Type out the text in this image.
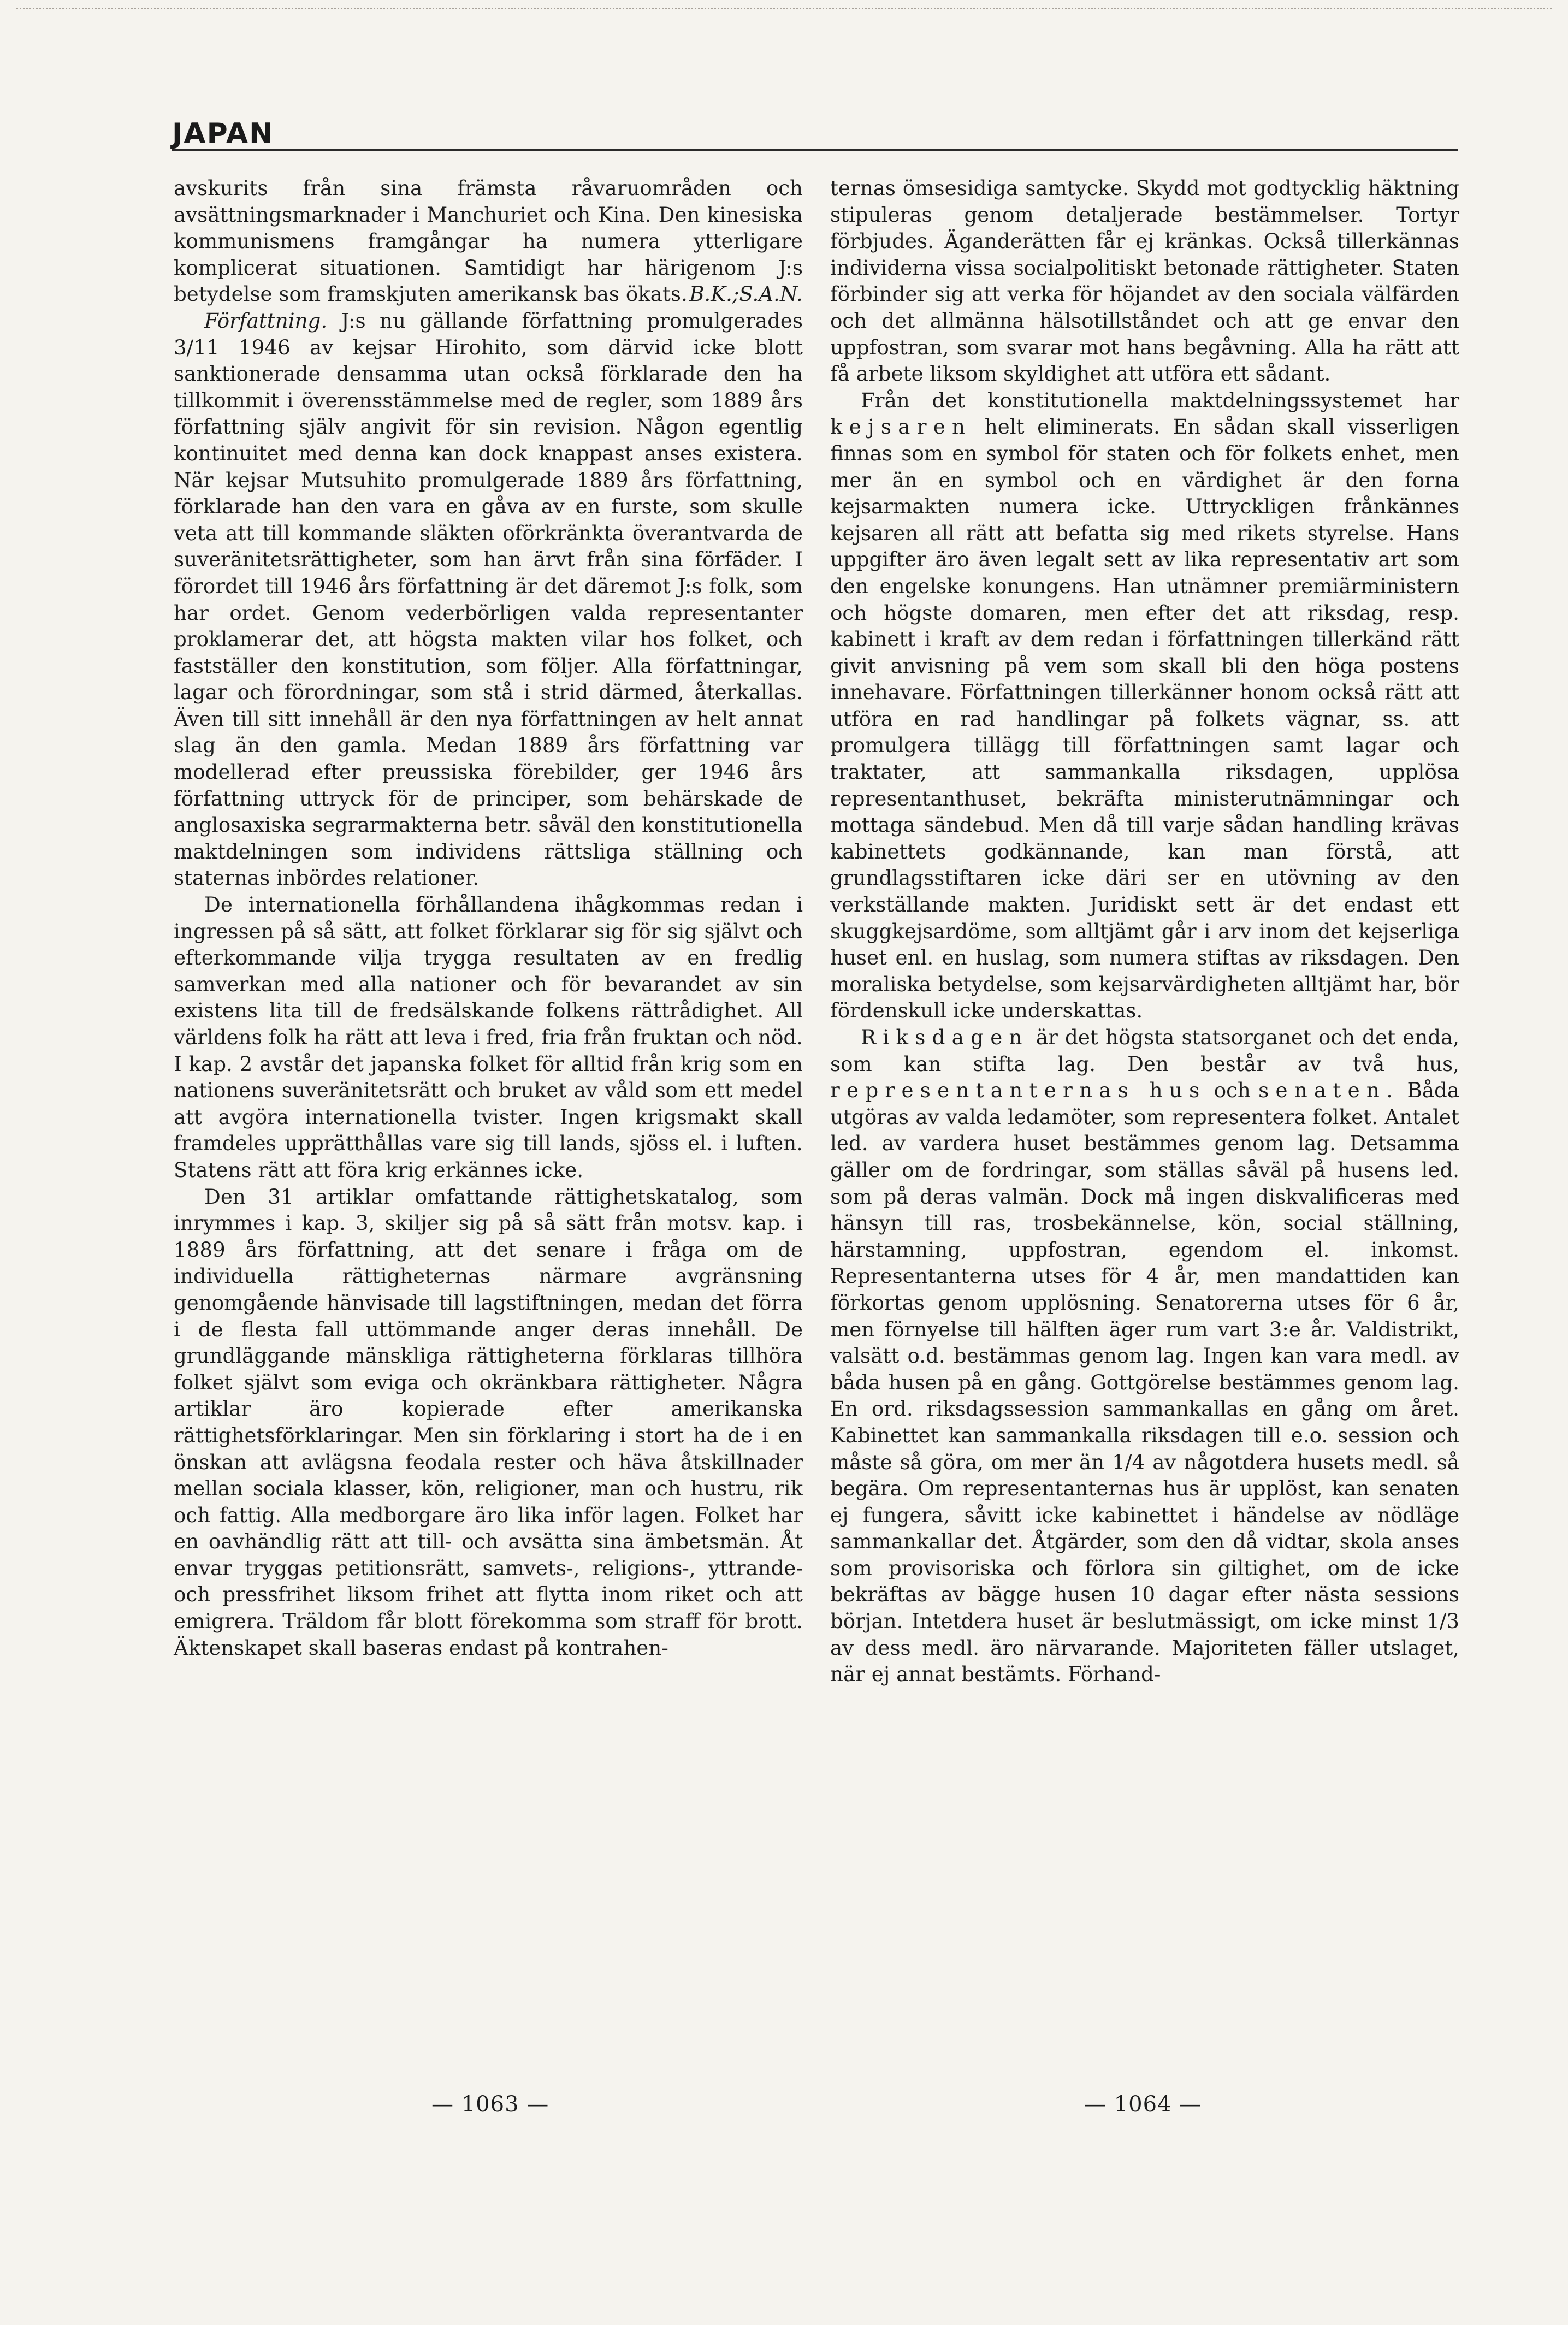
JAPAN

avskurits från sina främsta råvaruområden och avsättningsmarknader i Manchuriet och Kina. Den kinesiska kommunismens framgångar ha numera ytterligare komplicerat situationen. Samtidigt har härigenom J:s betydelse som framskjuten amerikansk bas ökats. B.K.;S.A.N.

Författning. J:s nu gällande författning promulgerades 3/11 1946 av kejsar Hirohito, som därvid icke blott sanktionerade densamma utan också förklarade den ha tillkommit i överensstämmelse med de regler, som 1889 års författning själv angivit för sin revision. Någon egentlig kontinuitet med denna kan dock knappast anses existera. När kejsar Mutsuhito promulgerade 1889 års författning, förklarade han den vara en gåva av en furste, som skulle veta att till kommande släkten oförkränkta överantvarda de suveränitetsrättigheter, som han ärvt från sina förfäder. I förordet till 1946 års författning är det däremot J:s folk, som har ordet. Genom vederbörligen valda representanter proklamerar det, att högsta makten vilar hos folket, och fastställer den konstitution, som följer. Alla författningar, lagar och förordningar, som stå i strid därmed, återkallas. Även till sitt innehåll är den nya författningen av helt annat slag än den gamla. Medan 1889 års författning var modellerad efter preussiska förebilder, ger 1946 års författning uttryck för de principer, som behärskade de anglosaxiska segrarmakterna betr. såväl den konstitutionella maktdelningen som individens rättsliga ställning och staternas inbördes relationer.

De internationella förhållandena ihågkommas redan i ingressen på så sätt, att folket förklarar sig för sig självt och efterkommande vilja trygga resultaten av en fredlig samverkan med alla nationer och för bevarandet av sin existens lita till de fredsälskande folkens rättrådighet. All världens folk ha rätt att leva i fred, fria från fruktan och nöd. I kap. 2 avstår det japanska folket för alltid från krig som en nationens suveränitetsrätt och bruket av våld som ett medel att avgöra internationella tvister. Ingen krigsmakt skall framdeles upprätthållas vare sig till lands, sjöss el. i luften. Statens rätt att föra krig erkännes icke.

Den 31 artiklar omfattande rättighetskatalog, som inrymmes i kap. 3, skiljer sig på så sätt från motsv. kap. i 1889 års författning, att det senare i fråga om de individuella rättigheternas närmare avgränsning genomgående hänvisade till lagstiftningen, medan det förra i de flesta fall uttömmande anger deras innehåll. De grundläggande mänskliga rättigheterna förklaras tillhöra folket självt som eviga och okränkbara rättigheter. Några artiklar äro kopierade efter amerikanska rättighetsförklaringar. Men sin förklaring i stort ha de i en önskan att avlägsna feodala rester och häva åtskillnader mellan sociala klasser, kön, religioner, man och hustru, rik och fattig. Alla medborgare äro lika inför lagen. Folket har en oavhändlig rätt att till- och avsätta sina ämbetsmän. Åt envar tryggas petitionsrätt, samvets-, religions-, yttrande- och pressfrihet liksom frihet att flytta inom riket och att emigrera. Träldom får blott förekomma som straff för brott. Äktenskapet skall baseras endast på kontrahen-

ternas ömsesidiga samtycke. Skydd mot godtycklig häktning stipuleras genom detaljerade bestämmelser. Tortyr förbjudes. Äganderätten får ej kränkas. Också tillerkännas individerna vissa socialpolitiskt betonade rättigheter. Staten förbinder sig att verka för höjandet av den sociala välfärden och det allmänna hälsotillståndet och att ge envar den uppfostran, som svarar mot hans begåvning. Alla ha rätt att få arbete liksom skyldighet att utföra ett sådant.

Från det konstitutionella maktdelningssystemet har kejsaren helt eliminerats. En sådan skall visserligen finnas som en symbol för staten och för folkets enhet, men mer än en symbol och en värdighet är den forna kejsarmakten numera icke. Uttryckligen frånkännes kejsaren all rätt att befatta sig med rikets styrelse. Hans uppgifter äro även legalt sett av lika representativ art som den engelske konungens. Han utnämner premiärministern och högste domaren, men efter det att riksdag, resp. kabinett i kraft av dem redan i författningen tillerkänd rätt givit anvisning på vem som skall bli den höga postens innehavare. Författningen tillerkänner honom också rätt att utföra en rad handlingar på folkets vägnar, ss. att promulgera tillägg till författningen samt lagar och traktater, att sammankalla riksdagen, upplösa representanthuset, bekräfta ministerutnämningar och mottaga sändebud. Men då till varje sådan handling krävas kabinettets godkännande, kan man förstå, att grundlagsstiftaren icke däri ser en utövning av den verkställande makten. Juridiskt sett är det endast ett skuggkejsardöme, som alltjämt går i arv inom det kejserliga huset enl. en huslag, som numera stiftas av riksdagen. Den moraliska betydelse, som kejsarvärdigheten alltjämt har, bör fördenskull icke underskattas.

Riksdagen är det högsta statsorganet och det enda, som kan stifta lag. Den består av två hus, representanternas hus och senaten. Båda utgöras av valda ledamöter, som representera folket. Antalet led. av vardera huset bestämmes genom lag. Detsamma gäller om de fordringar, som ställas såväl på husens led. som på deras valmän. Dock må ingen diskvalificeras med hänsyn till ras, trosbekännelse, kön, social ställning, härstamning, uppfostran, egendom el. inkomst. Representanterna utses för 4 år, men mandattiden kan förkortas genom upplösning. Senatorerna utses för 6 år, men förnyelse till hälften äger rum vart 3:e år. Valdistrikt, valsätt o.d. bestämmas genom lag. Ingen kan vara medl. av båda husen på en gång. Gottgörelse bestämmes genom lag. En ord. riksdagssession sammankallas en gång om året. Kabinettet kan sammankalla riksdagen till e.o. session och måste så göra, om mer än 1/4 av någotdera husets medl. så begära. Om representanternas hus är upplöst, kan senaten ej fungera, såvitt icke kabinettet i händelse av nödläge sammankallar det. Åtgärder, som den då vidtar, skola anses som provisoriska och förlora sin giltighet, om de icke bekräftas av bägge husen 10 dagar efter nästa sessions början. Intetdera huset är beslutmässigt, om icke minst 1/3 av dess medl. äro närvarande. Majoriteten fäller utslaget, när ej annat bestämts. Förhand-

— 1063 —	— 1064 —
